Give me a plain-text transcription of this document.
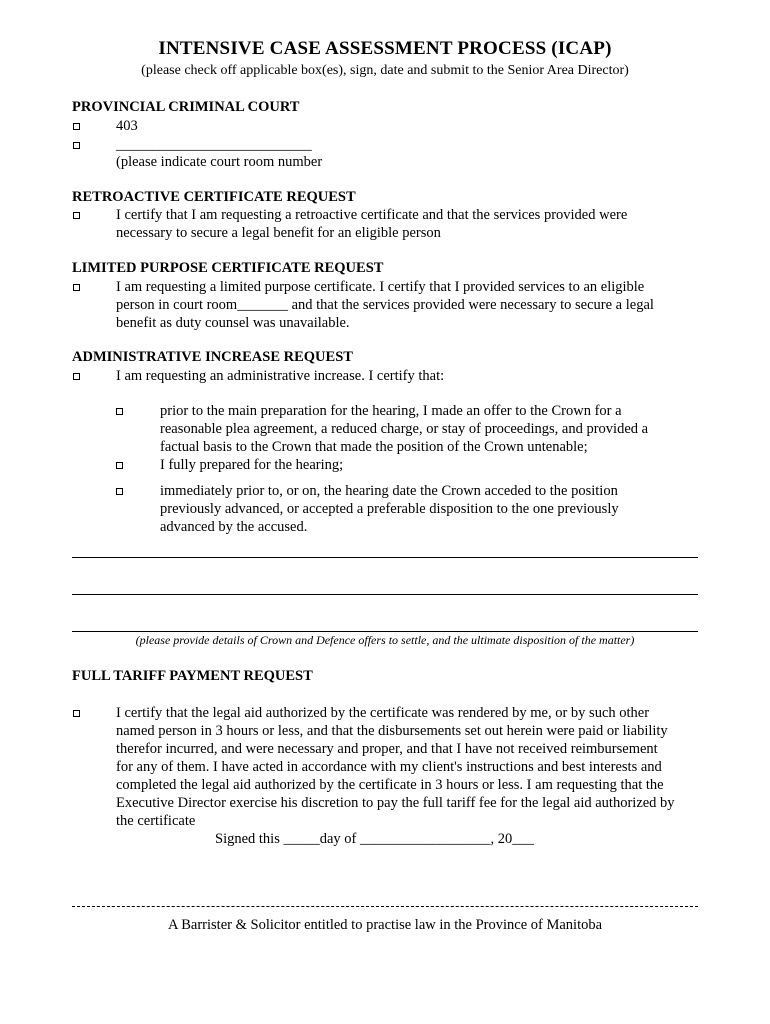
INTENSIVE CASE ASSESSMENT PROCESS (ICAP)
(please check off applicable box(es), sign, date and submit to the Senior Area Director)
PROVINCIAL CRIMINAL COURT
403
___________________________
(please indicate court room number
RETROACTIVE CERTIFICATE REQUEST
I certify that I am requesting a retroactive certificate and that the services provided were
necessary to secure a legal benefit for an eligible person
LIMITED PURPOSE CERTIFICATE REQUEST
I am requesting a limited purpose certificate. I certify that I provided services to an eligible
person in court room_______ and that the services provided were necessary to secure a legal
benefit as duty counsel was unavailable.
ADMINISTRATIVE INCREASE REQUEST
I am requesting an administrative increase. I certify that:
prior to the main preparation for the hearing, I made an offer to the Crown for a
reasonable plea agreement, a reduced charge, or stay of proceedings, and provided a
factual basis to the Crown that made the position of the Crown untenable;
I fully prepared for the hearing;
immediately prior to, or on, the hearing date the Crown acceded to the position
previously advanced, or accepted a preferable disposition to the one previously
advanced by the accused.
(please provide details of Crown and Defence offers to settle, and the ultimate disposition of the matter)
FULL TARIFF PAYMENT REQUEST
I certify that the legal aid authorized by the certificate was rendered by me, or by such other
named person in 3 hours or less, and that the disbursements set out herein were paid or liability
therefor incurred, and were necessary and proper, and that I have not received reimbursement
for any of them. I have acted in accordance with my client's instructions and best interests and
completed the legal aid authorized by the certificate in 3 hours or less. I am requesting that the
Executive Director exercise his discretion to pay the full tariff fee for the legal aid authorized by
the certificate
Signed this _____day of __________________, 20___
A Barrister & Solicitor entitled to practise law in the Province of Manitoba
